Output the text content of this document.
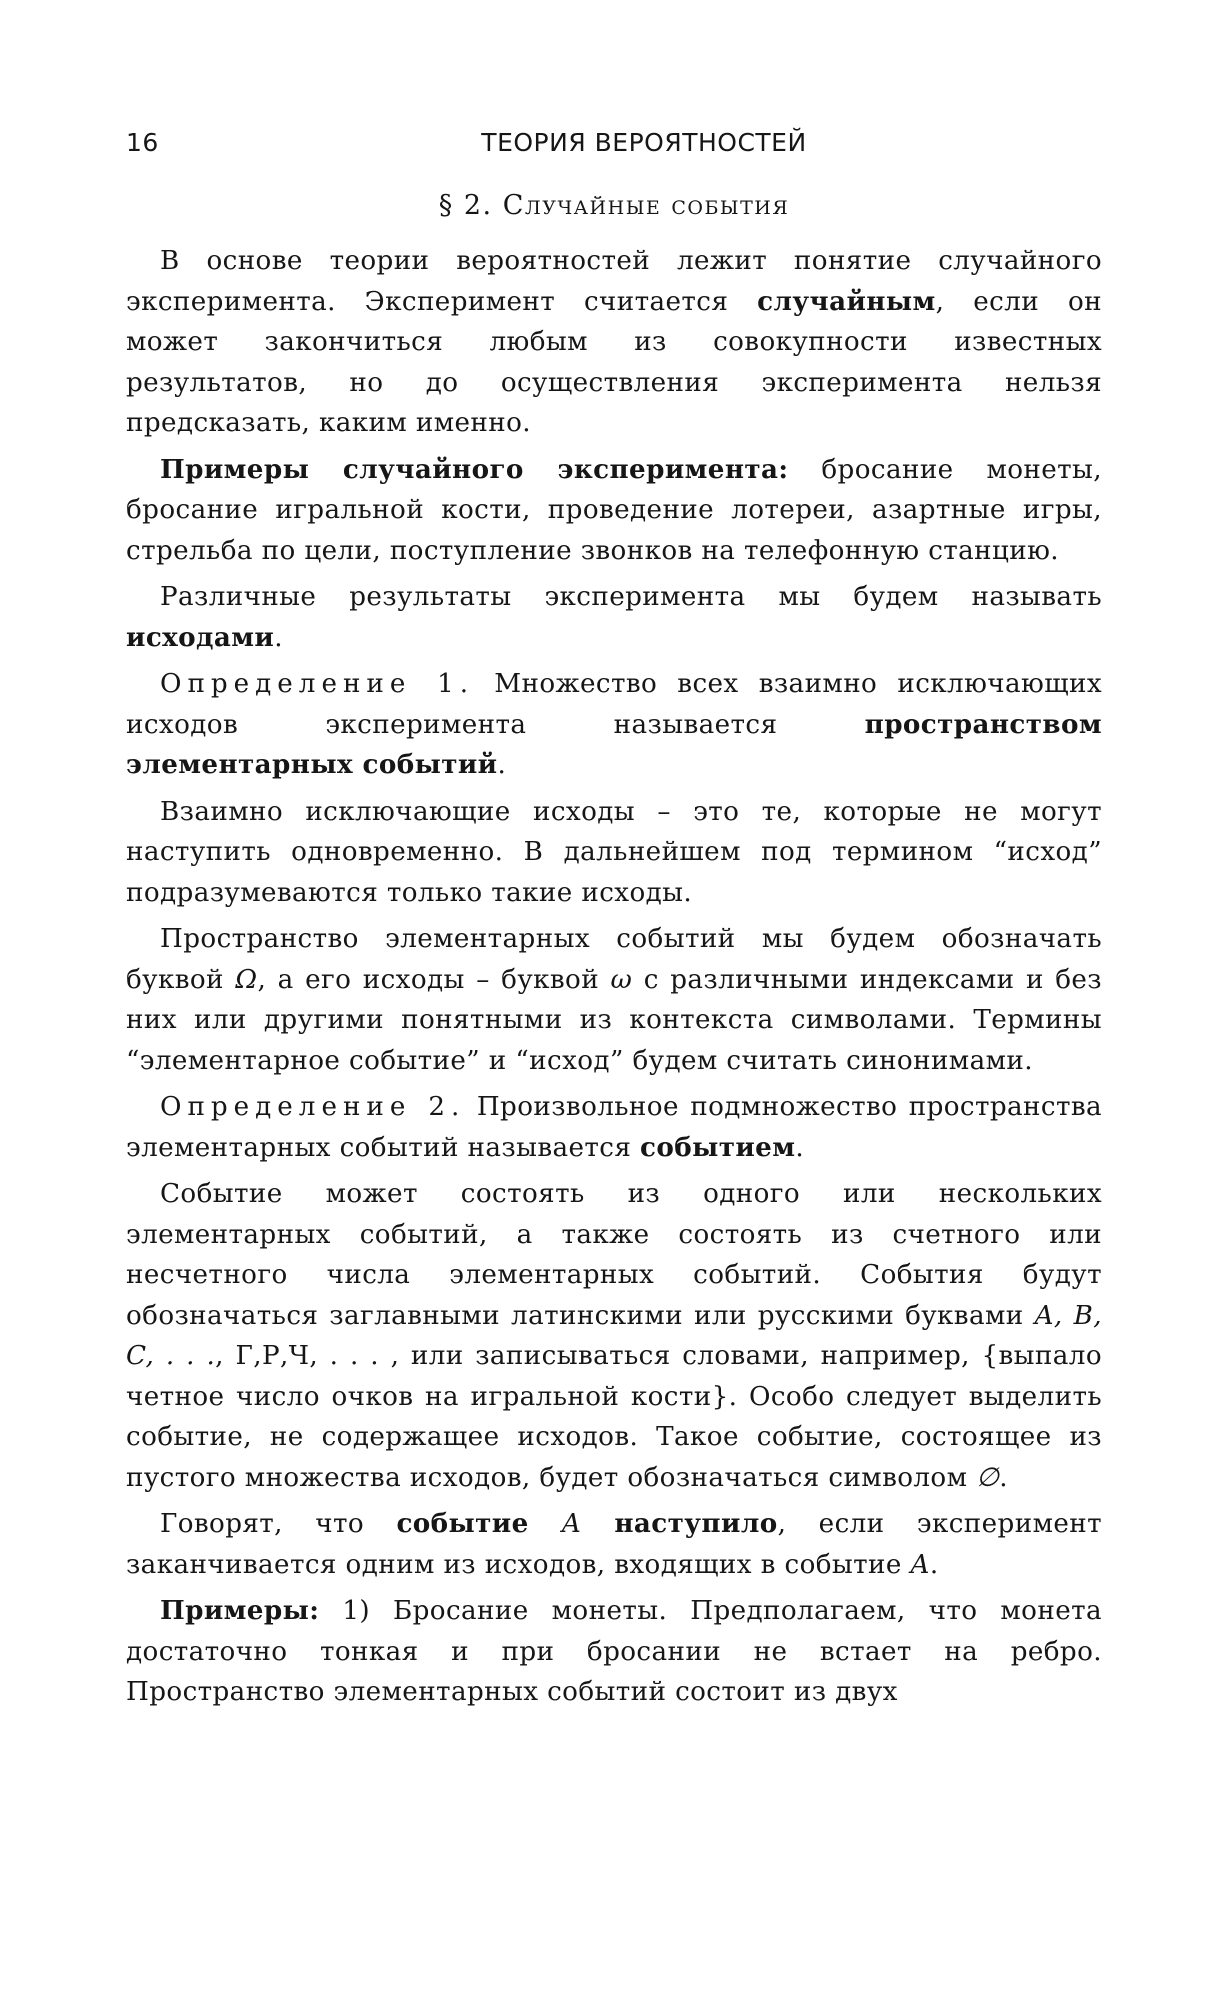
16	ТЕОРИЯ ВЕРОЯТНОСТЕЙ
§ 2. Случайные события

В основе теории вероятностей лежит понятие случайного эксперимента. Эксперимент считается случайным, если он может закончиться любым из совокупности известных результатов, но до осуществления эксперимента нельзя предсказать, каким именно.

Примеры случайного эксперимента: бросание монеты, бросание игральной кости, проведение лотереи, азартные игры, стрельба по цели, поступление звонков на телефонную станцию.

Различные результаты эксперимента мы будем называть исходами.

Определение 1. Множество всех взаимно исключающих исходов эксперимента называется пространством элементарных событий.

Взаимно исключающие исходы – это те, которые не могут наступить одновременно. В дальнейшем под термином “исход” подразумеваются только такие исходы.

Пространство элементарных событий мы будем обозначать буквой Ω, а его исходы – буквой ω с различными индексами и без них или другими понятными из контекста символами. Термины “элементарное событие” и “исход” будем считать синонимами.

Определение 2. Произвольное подмножество пространства элементарных событий называется событием.

Событие может состоять из одного или нескольких элементарных событий, а также состоять из счетного или несчетного числа элементарных событий. События будут обозначаться заглавными латинскими или русскими буквами A, B, C, . . ., Г,Р,Ч, . . . , или записываться словами, например, {выпало четное число очков на игральной кости}. Особо следует выделить событие, не содержащее исходов. Такое событие, состоящее из пустого множества исходов, будет обозначаться символом ∅.

Говорят, что событие A наступило, если эксперимент заканчивается одним из исходов, входящих в событие A.

Примеры: 1) Бросание монеты. Предполагаем, что монета достаточно тонкая и при бросании не встает на ребро. Пространство элементарных событий состоит из двух
